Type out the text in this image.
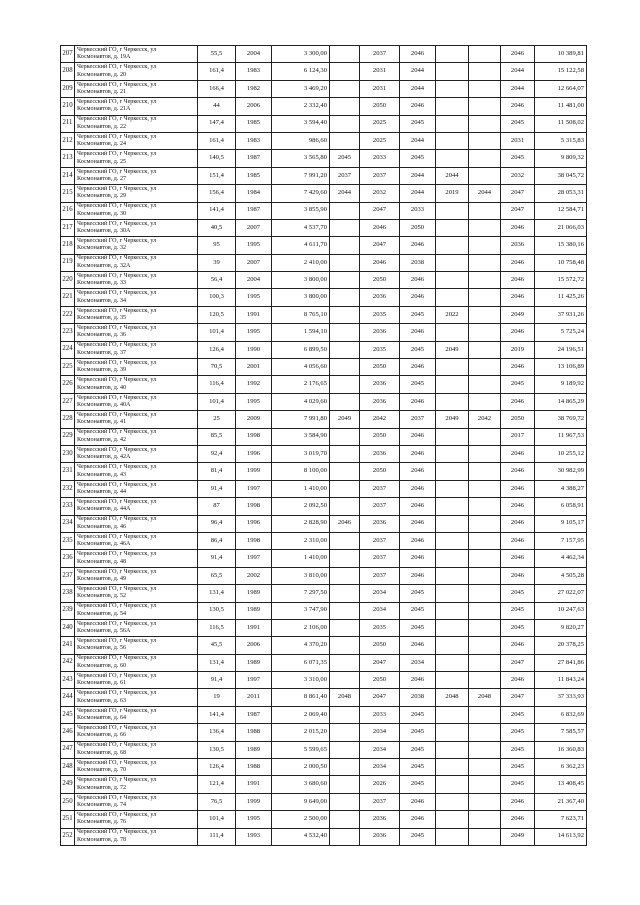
207	Черкесский ГО, г Черкесск, ул
Космонавтов, д. 19А	55,5	2004	3 300,00		2037	2046			2046	10 389,81
208	Черкесский ГО, г Черкесск, ул
Космонавтов, д. 20	161,4	1983	6 124,30		2031	2044			2044	15 122,58
209	Черкесский ГО, г Черкесск, ул
Космонавтов, д. 21	166,4	1982	3 469,20		2031	2044			2044	12 664,07
210	Черкесский ГО, г Черкесск, ул
Космонавтов, д. 21А	44	2006	2 332,40		2050	2046			2046	11 481,00
211	Черкесский ГО, г Черкесск, ул
Космонавтов, д. 22	147,4	1985	3 594,40		2025	2045			2045	11 508,02
212	Черкесский ГО, г Черкесск, ул
Космонавтов, д. 24	161,4	1983	986,60		2025	2044			2031	5 315,83
213	Черкесский ГО, г Черкесск, ул
Космонавтов, д. 25	140,5	1987	3 565,80	2045	2033	2045			2045	9 809,32
214	Черкесский ГО, г Черкесск, ул
Космонавтов, д. 27	151,4	1985	7 991,20	2037	2037	2044	2044		2032	38 045,72
215	Черкесский ГО, г Черкесск, ул
Космонавтов, д. 29	156,4	1984	7 429,60	2044	2032	2044	2019	2044	2047	28 053,31
216	Черкесский ГО, г Черкесск, ул
Космонавтов, д. 30	141,4	1987	3 855,90		2047	2033			2047	12 584,71
217	Черкесский ГО, г Черкесск, ул
Космонавтов, д. 30А	40,5	2007	4 537,70		2046	2050			2046	21 066,03
218	Черкесский ГО, г Черкесск, ул
Космонавтов, д. 32	95	1995	4 611,70		2047	2046			2036	15 380,16
219	Черкесский ГО, г Черкесск, ул
Космонавтов, д. 32А	39	2007	2 410,00		2046	2038			2046	10 758,48
220	Черкесский ГО, г Черкесск, ул
Космонавтов, д. 33	56,4	2004	3 800,00		2050	2046			2046	15 572,72
221	Черкесский ГО, г Черкесск, ул
Космонавтов, д. 34	100,3	1995	3 800,00		2036	2046			2046	11 425,26
222	Черкесский ГО, г Черкесск, ул
Космонавтов, д. 35	120,5	1991	8 765,10		2035	2045	2022		2049	37 931,26
223	Черкесский ГО, г Черкесск, ул
Космонавтов, д. 36	101,4	1995	1 594,10		2036	2046			2046	5 725,24
224	Черкесский ГО, г Черкесск, ул
Космонавтов, д. 37	126,4	1990	6 899,50		2035	2045	2049		2019	24 196,51
225	Черкесский ГО, г Черкесск, ул
Космонавтов, д. 39	70,5	2001	4 056,60		2050	2046			2046	13 106,89
226	Черкесский ГО, г Черкесск, ул
Космонавтов, д. 40	116,4	1992	2 176,65		2036	2045			2045	9 189,92
227	Черкесский ГО, г Черкесск, ул
Космонавтов, д. 40А	101,4	1995	4 029,60		2036	2046			2046	14 865,29
228	Черкесский ГО, г Черкесск, ул
Космонавтов, д. 41	25	2009	7 991,80	2049	2042	2037	2049	2042	2050	38 769,72
229	Черкесский ГО, г Черкесск, ул
Космонавтов, д. 42	85,5	1998	3 584,90		2050	2046			2017	11 967,53
230	Черкесский ГО, г Черкесск, ул
Космонавтов, д. 42А	92,4	1996	3 019,70		2036	2046			2046	10 255,12
231	Черкесский ГО, г Черкесск, ул
Космонавтов, д. 43	81,4	1999	8 100,00		2050	2046			2046	30 982,99
232	Черкесский ГО, г Черкесск, ул
Космонавтов, д. 44	91,4	1997	1 410,00		2037	2046			2046	4 388,27
233	Черкесский ГО, г Черкесск, ул
Космонавтов, д. 44А	87	1998	2 092,50		2037	2046			2046	6 058,91
234	Черкесский ГО, г Черкесск, ул
Космонавтов, д. 46	96,4	1996	2 828,90	2046	2036	2046			2046	9 105,17
235	Черкесский ГО, г Черкесск, ул
Космонавтов, д. 46А	86,4	1998	2 310,00		2037	2046			2046	7 157,95
236	Черкесский ГО, г Черкесск, ул
Космонавтов, д. 48	91,4	1997	1 410,00		2037	2046			2046	4 462,34
237	Черкесский ГО, г Черкесск, ул
Космонавтов, д. 49	65,5	2002	3 810,00		2037	2046			2046	4 505,28
238	Черкесский ГО, г Черкесск, ул
Космонавтов, д. 52	131,4	1989	7 297,50		2034	2045			2045	27 022,07
239	Черкесский ГО, г Черкесск, ул
Космонавтов, д. 54	130,5	1989	3 747,90		2034	2045			2045	10 247,63
240	Черкесский ГО, г Черкесск, ул
Космонавтов, д. 56А	116,5	1991	2 106,00		2035	2045			2045	9 820,27
241	Черкесский ГО, г Черкесск, ул
Космонавтов, д. 56	45,5	2006	4 370,20		2050	2046			2046	20 378,25
242	Черкесский ГО, г Черкесск, ул
Космонавтов, д. 60	131,4	1989	6 071,35		2047	2034			2047	27 841,86
243	Черкесский ГО, г Черкесск, ул
Космонавтов, д. 61	91,4	1997	3 310,00		2050	2046			2046	11 843,24
244	Черкесский ГО, г Черкесск, ул
Космонавтов, д. 63	19	2011	8 861,40	2048	2047	2038	2048	2048	2047	37 333,93
245	Черкесский ГО, г Черкесск, ул
Космонавтов, д. 64	141,4	1987	2 069,40		2033	2045			2045	6 832,69
246	Черкесский ГО, г Черкесск, ул
Космонавтов, д. 66	136,4	1988	2 015,20		2034	2045			2045	7 585,57
247	Черкесский ГО, г Черкесск, ул
Космонавтов, д. 68	130,5	1989	5 599,65		2034	2045			2045	16 360,83
248	Черкесский ГО, г Черкесск, ул
Космонавтов, д. 70	126,4	1988	2 000,50		2034	2045			2045	6 362,23
249	Черкесский ГО, г Черкесск, ул
Космонавтов, д. 72	121,4	1991	3 680,60		2026	2045			2045	13 408,45
250	Черкесский ГО, г Черкесск, ул
Космонавтов, д. 74	76,5	1999	9 649,00		2037	2046			2046	21 367,40
251	Черкесский ГО, г Черкесск, ул
Космонавтов, д. 76	101,4	1995	2 500,00		2036	2046			2046	7 623,71
252	Черкесский ГО, г Черкесск, ул
Космонавтов, д. 78	111,4	1993	4 532,40		2036	2045			2049	14 613,92
